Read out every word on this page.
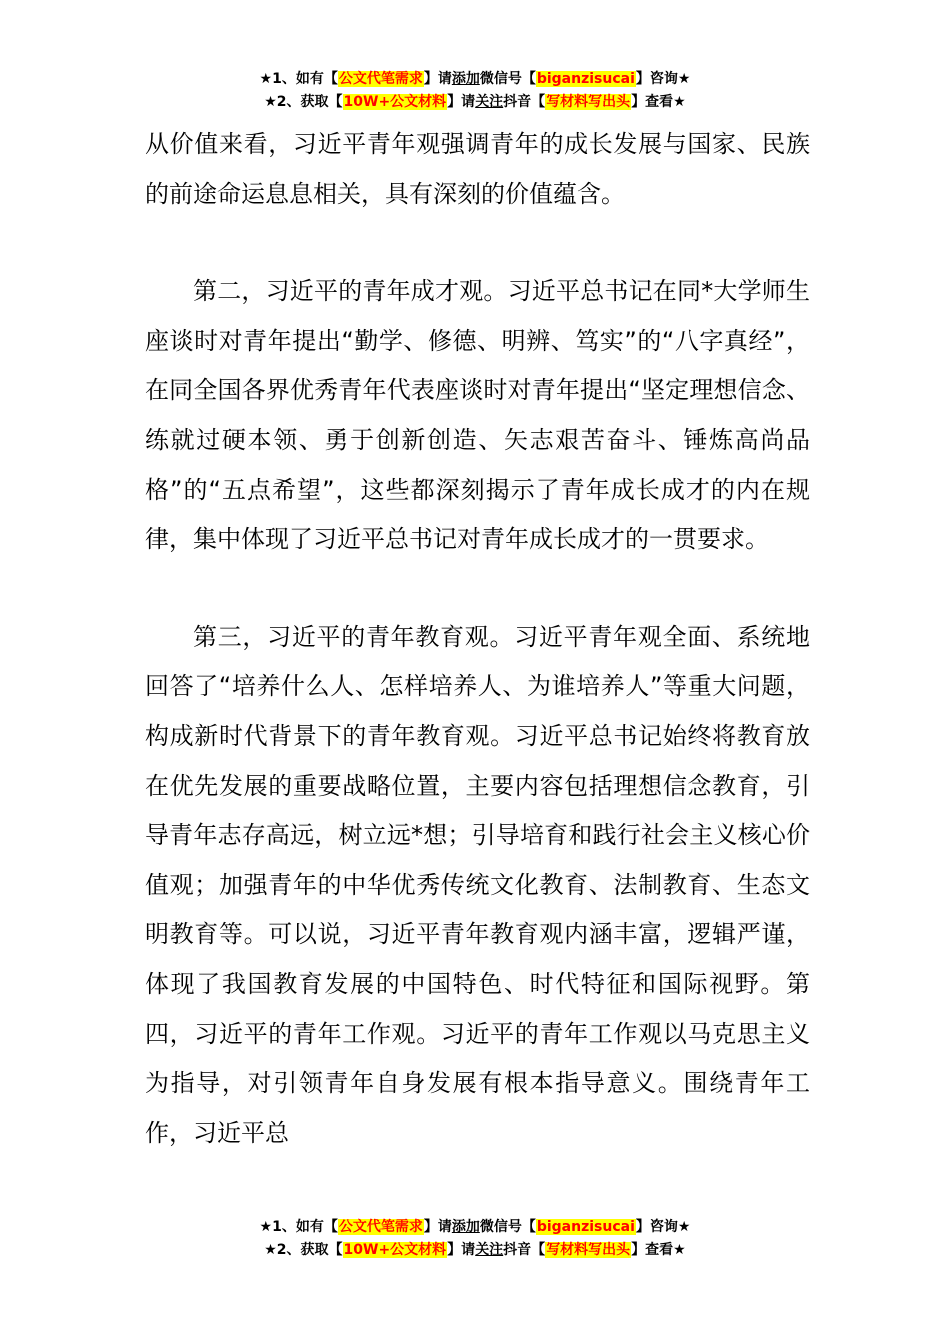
★1、如有【公文代笔需求】请添加微信号【biganzisucai】咨询★
★2、获取【10W+公文材料】请关注抖音【写材料写出头】查看★

从价值来看，习近平青年观强调青年的成长发展与国家、民族的前途命运息息相关，具有深刻的价值蕴含。

第二，习近平的青年成才观。习近平总书记在同*大学师生座谈时对青年提出“勤学、修德、明辨、笃实”的“八字真经”，在同全国各界优秀青年代表座谈时对青年提出“坚定理想信念、练就过硬本领、勇于创新创造、矢志艰苦奋斗、锤炼高尚品格”的“五点希望”，这些都深刻揭示了青年成长成才的内在规律，集中体现了习近平总书记对青年成长成才的一贯要求。

第三，习近平的青年教育观。习近平青年观全面、系统地回答了“培养什么人、怎样培养人、为谁培养人”等重大问题，构成新时代背景下的青年教育观。习近平总书记始终将教育放在优先发展的重要战略位置，主要内容包括理想信念教育，引导青年志存高远，树立远*想；引导培育和践行社会主义核心价值观；加强青年的中华优秀传统文化教育、法制教育、生态文明教育等。可以说，习近平青年教育观内涵丰富，逻辑严谨，体现了我国教育发展的中国特色、时代特征和国际视野。第四，习近平的青年工作观。习近平的青年工作观以马克思主义为指导，对引领青年自身发展有根本指导意义。围绕青年工作，习近平总

★1、如有【公文代笔需求】请添加微信号【biganzisucai】咨询★
★2、获取【10W+公文材料】请关注抖音【写材料写出头】查看★
